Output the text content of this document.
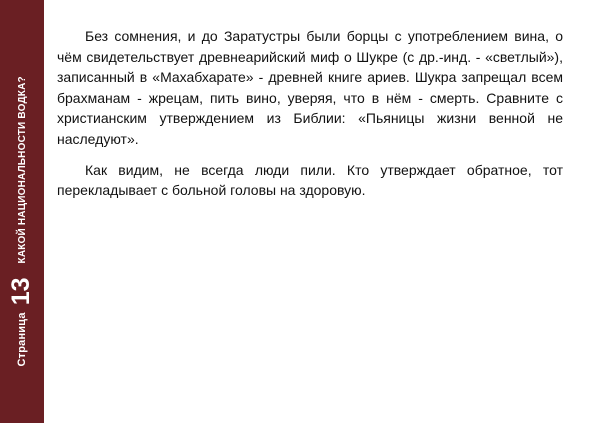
Страница
13
КАКОЙ НАЦИОНАЛЬНОСТИ ВОДКА?

Без сомнения, и до Заратустры были борцы с употреблением вина, о чём свидетельствует древнеарийский миф о Шукре (с др.-инд. - «светлый»), записанный в «Махабхарате» - древней книге ариев. Шукра запрещал всем брахманам - жрецам, пить вино, уверяя, что в нём - смерть. Сравните с христианским утверждением из Библии: «Пьяницы жизни венной не наследуют».

Как видим, не всегда люди пили. Кто утверждает обратное, тот перекладывает с больной головы на здоровую.
